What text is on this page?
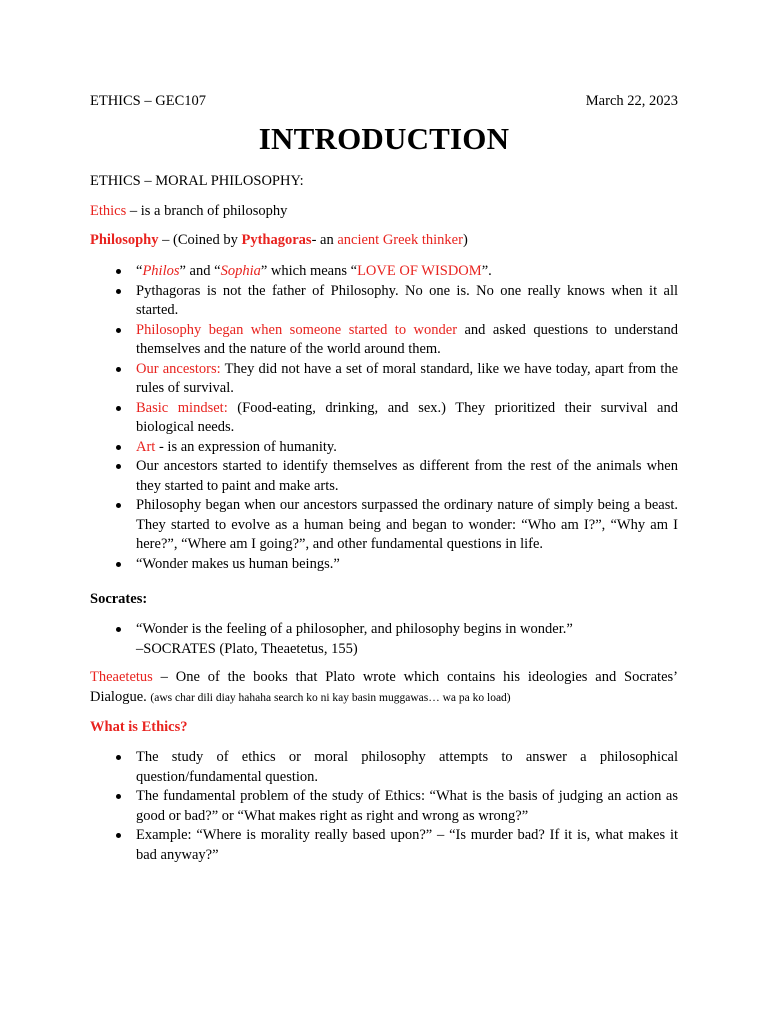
ETHICS – GEC107	March 22, 2023
INTRODUCTION
ETHICS – MORAL PHILOSOPHY:
Ethics – is a branch of philosophy
Philosophy – (Coined by Pythagoras- an ancient Greek thinker)
“Philos” and “Sophia” which means “LOVE OF WISDOM”.
Pythagoras is not the father of Philosophy. No one is. No one really knows when it all started.
Philosophy began when someone started to wonder and asked questions to understand themselves and the nature of the world around them.
Our ancestors: They did not have a set of moral standard, like we have today, apart from the rules of survival.
Basic mindset: (Food-eating, drinking, and sex.) They prioritized their survival and biological needs.
Art - is an expression of humanity.
Our ancestors started to identify themselves as different from the rest of the animals when they started to paint and make arts.
Philosophy began when our ancestors surpassed the ordinary nature of simply being a beast. They started to evolve as a human being and began to wonder: “Who am I?”, “Why am I here?”, “Where am I going?”, and other fundamental questions in life.
“Wonder makes us human beings.”
Socrates:
“Wonder is the feeling of a philosopher, and philosophy begins in wonder.”
–SOCRATES (Plato, Theaetetus, 155)
Theaetetus – One of the books that Plato wrote which contains his ideologies and Socrates’ Dialogue. (aws char dili diay hahaha search ko ni kay basin muggawas… wa pa ko load)
What is Ethics?
The study of ethics or moral philosophy attempts to answer a philosophical question/fundamental question.
The fundamental problem of the study of Ethics: “What is the basis of judging an action as good or bad?” or “What makes right as right and wrong as wrong?”
Example: “Where is morality really based upon?” – “Is murder bad? If it is, what makes it bad anyway?”
